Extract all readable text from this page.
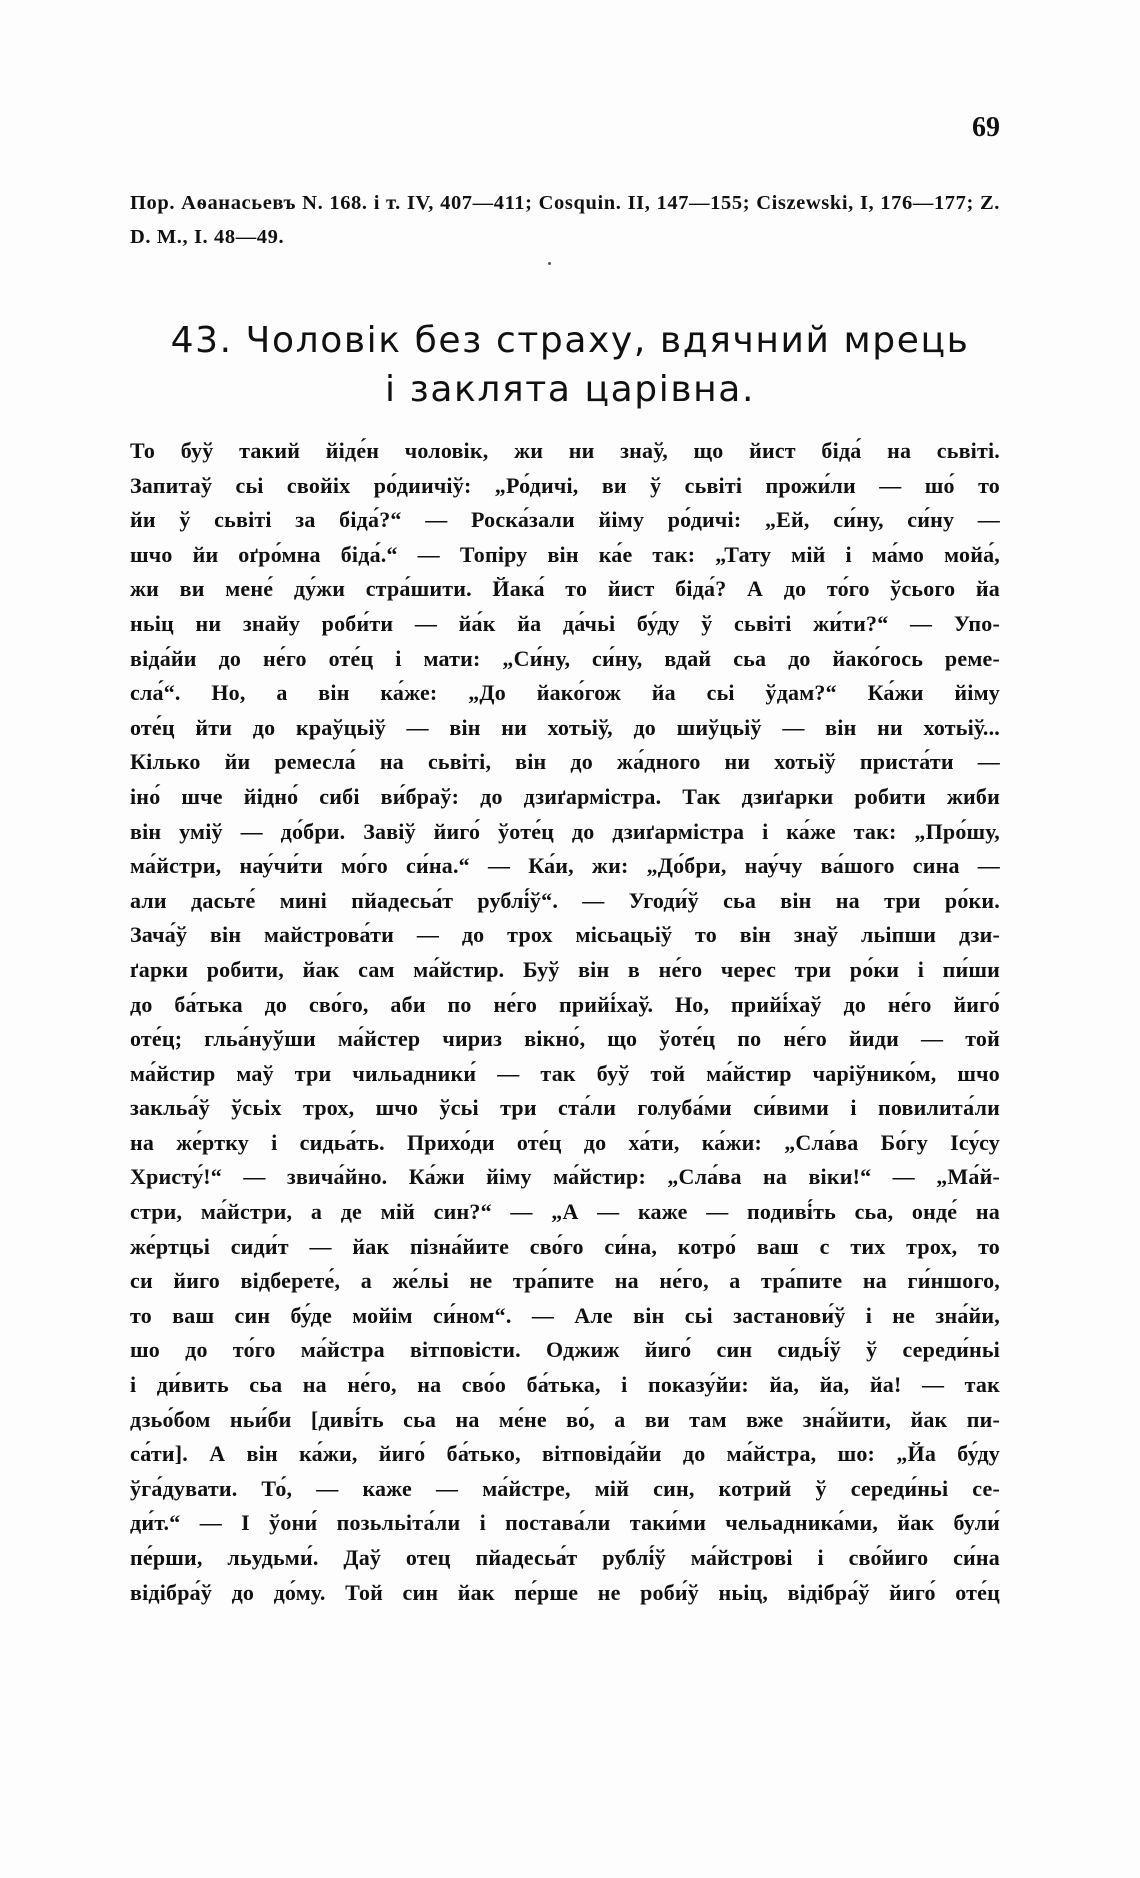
69

Пор. Аѳанасьевъ N. 168. і т. IV, 407—411; Cosquin. II, 147—155; Ciszewski, I, 176—177; Z. D. M., I. 48—49.

43. Чоловік без страху, вдячний мрець
і заклята царівна.
То буў такий йіде́н чоловік, жи ни знаў, що йист біда́ на сьвіті.
Запитаў сьі свойіх ро́диичіў: „Ро́дичі, ви ў сьвіті прожи́ли — шо́ то
йи ў сьвіті за біда́?“ — Роска́зали йіму ро́дичі: „Ей, си́ну, си́ну —
шчо йи оґро́мна біда́.“ — Топіру він ка́е так: „Тату мій і ма́мо мойа́,
жи ви мене́ ду́жи стра́шити. Йака́ то йист біда́? А до то́го ўсього йа
ньіц ни знайу роби́ти — йа́к йа да́чьі бу́ду ў сьвіті жи́ти?“ — Упо-
віда́йи до не́го оте́ц і мати: „Си́ну, си́ну, вдай сьа до йако́гось реме-
сла́“. Но, а він ка́же: „До йако́гож йа сьі ўдам?“ Ка́жи йіму
оте́ц йти до краўцьіў — він ни хотьіў, до шиўцьіў — він ни хотьіў...
Кілько йи ремесла́ на сьвіті, він до жа́дного ни хотьіў приста́ти —
іно́ шче йідно́ сибі ви́браў: до дзиґармістра. Так дзиґарки робити жиби
він уміў — до́бри. Завіў йиго́ ўоте́ц до дзиґармістра і ка́же так: „Про́шу,
ма́йстри, нау́чи́ти мо́го си́на.“ — Ка́и, жи: „До́бри, нау́чу ва́шого сина —
али дасьте́ мині пйадесьа́т рублі́ў“. — Угоди́ў сьа він на три ро́ки.
Зача́ў він майстрова́ти — до трох місьацьіў то він знаў льіпши дзи-
ґарки робити, йак сам ма́йстир. Буў він в не́го черес три ро́ки і пи́ши
до ба́тька до сво́го, аби по не́го прийі́хаў. Но, прийі́хаў до не́го йиго́
оте́ц; гльа́нуўши ма́йстер чириз вікно́, що ўоте́ц по не́го йиди — той
ма́йстир маў три чильадники́ — так буў той ма́йстир чаріўнико́м, шчо
закльа́ў ўсьіх трох, шчо ўсьі три ста́ли голуба́ми си́вими і повилита́ли
на же́ртку і сидьа́ть. Прихо́ди оте́ц до ха́ти, ка́жи: „Сла́ва Бо́гу Ісу́су
Христу́!“ — звича́йно. Ка́жи йіму ма́йстир: „Сла́ва на віки!“ — „Ма́й-
стри, ма́йстри, а де мій син?“ — „А — каже — подиві́ть сьа, онде́ на
же́ртцьі сиди́т — йак пізна́йите сво́го си́на, котро́ ваш с тих трох, то
си йиго відберете́, а же́льі не тра́пите на не́го, а тра́пите на ги́ншого,
то ваш син бу́де мойім си́ном“. — Але він сьі застанови́ў і не зна́йи,
шо до то́го ма́йстра вітповісти. Оджиж йиго́ син сидьі́ў ў середи́ньі
і ди́вить сьа на не́го, на сво́о ба́тька, і показу́йи: йа, йа, йа! — так
дзьо́бом ньи́би [диві́ть сьа на ме́не во́, а ви там вже зна́йити, йак пи-
са́ти]. А він ка́жи, йиго́ ба́тько, вітповіда́йи до ма́йстра, шо: „Йа бу́ду
ўга́дувати. То́, — каже — ма́йстре, мій син, котрий ў середи́ньі се-
ди́т.“ — І ўони́ позьльіта́ли і постава́ли таки́ми чельадника́ми, йак були́
пе́рши, льудьми́. Даў отец пйадесьа́т рублі́ў ма́йстрові і сво́йиго си́на
відібра́ў до до́му. Той син йак пе́рше не роби́ў ньіц, відібра́ў йиго́ оте́ц
